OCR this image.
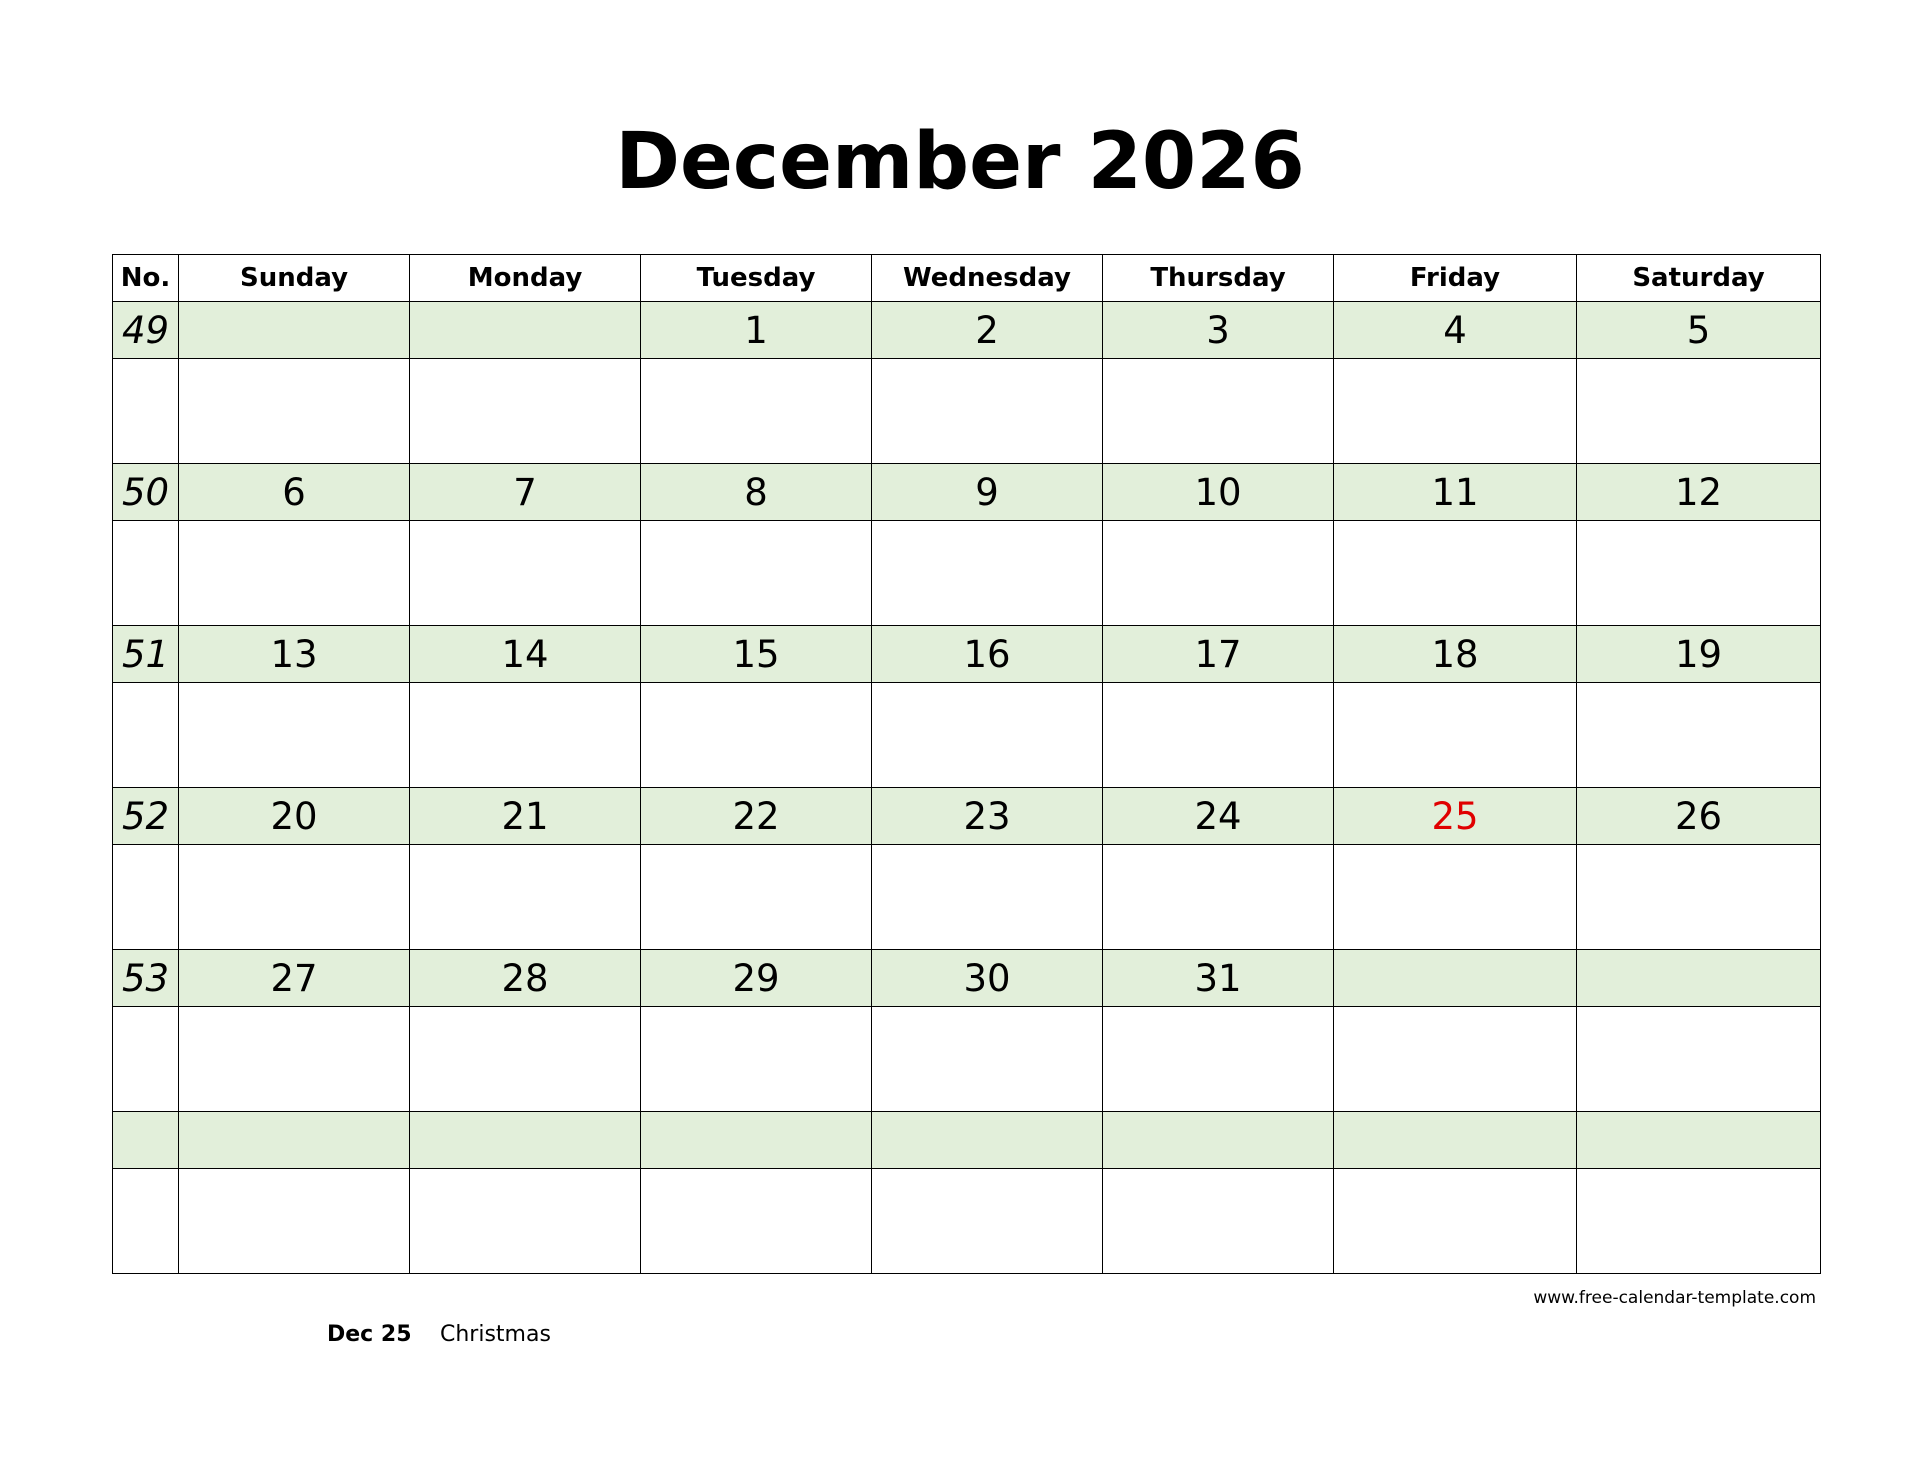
December 2026
No.	Sunday	Monday	Tuesday	Wednesday	Thursday	Friday	Saturday
49			1	2	3	4	5

50	6	7	8	9	10	11	12

51	13	14	15	16	17	18	19

52	20	21	22	23	24	25	26

53	27	28	29	30	31		

www.free-calendar-template.com
Dec 25 Christmas
